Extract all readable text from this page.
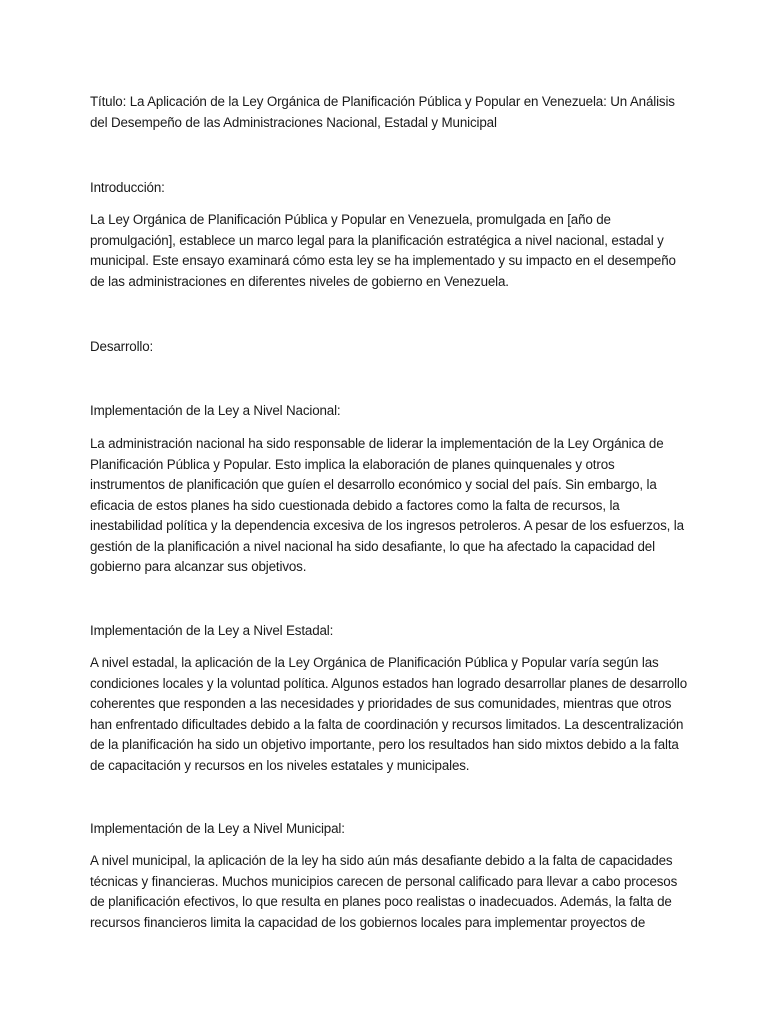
Título: La Aplicación de la Ley Orgánica de Planificación Pública y Popular en Venezuela: Un Análisis del Desempeño de las Administraciones Nacional, Estadal y Municipal

Introducción:

La Ley Orgánica de Planificación Pública y Popular en Venezuela, promulgada en [año de promulgación], establece un marco legal para la planificación estratégica a nivel nacional, estadal y municipal. Este ensayo examinará cómo esta ley se ha implementado y su impacto en el desempeño de las administraciones en diferentes niveles de gobierno en Venezuela.

Desarrollo:

Implementación de la Ley a Nivel Nacional:

La administración nacional ha sido responsable de liderar la implementación de la Ley Orgánica de Planificación Pública y Popular. Esto implica la elaboración de planes quinquenales y otros instrumentos de planificación que guíen el desarrollo económico y social del país. Sin embargo, la eficacia de estos planes ha sido cuestionada debido a factores como la falta de recursos, la inestabilidad política y la dependencia excesiva de los ingresos petroleros. A pesar de los esfuerzos, la gestión de la planificación a nivel nacional ha sido desafiante, lo que ha afectado la capacidad del gobierno para alcanzar sus objetivos.

Implementación de la Ley a Nivel Estadal:

A nivel estadal, la aplicación de la Ley Orgánica de Planificación Pública y Popular varía según las condiciones locales y la voluntad política. Algunos estados han logrado desarrollar planes de desarrollo coherentes que responden a las necesidades y prioridades de sus comunidades, mientras que otros han enfrentado dificultades debido a la falta de coordinación y recursos limitados. La descentralización de la planificación ha sido un objetivo importante, pero los resultados han sido mixtos debido a la falta de capacitación y recursos en los niveles estatales y municipales.

Implementación de la Ley a Nivel Municipal:

A nivel municipal, la aplicación de la ley ha sido aún más desafiante debido a la falta de capacidades técnicas y financieras. Muchos municipios carecen de personal calificado para llevar a cabo procesos de planificación efectivos, lo que resulta en planes poco realistas o inadecuados. Además, la falta de recursos financieros limita la capacidad de los gobiernos locales para implementar proyectos de
